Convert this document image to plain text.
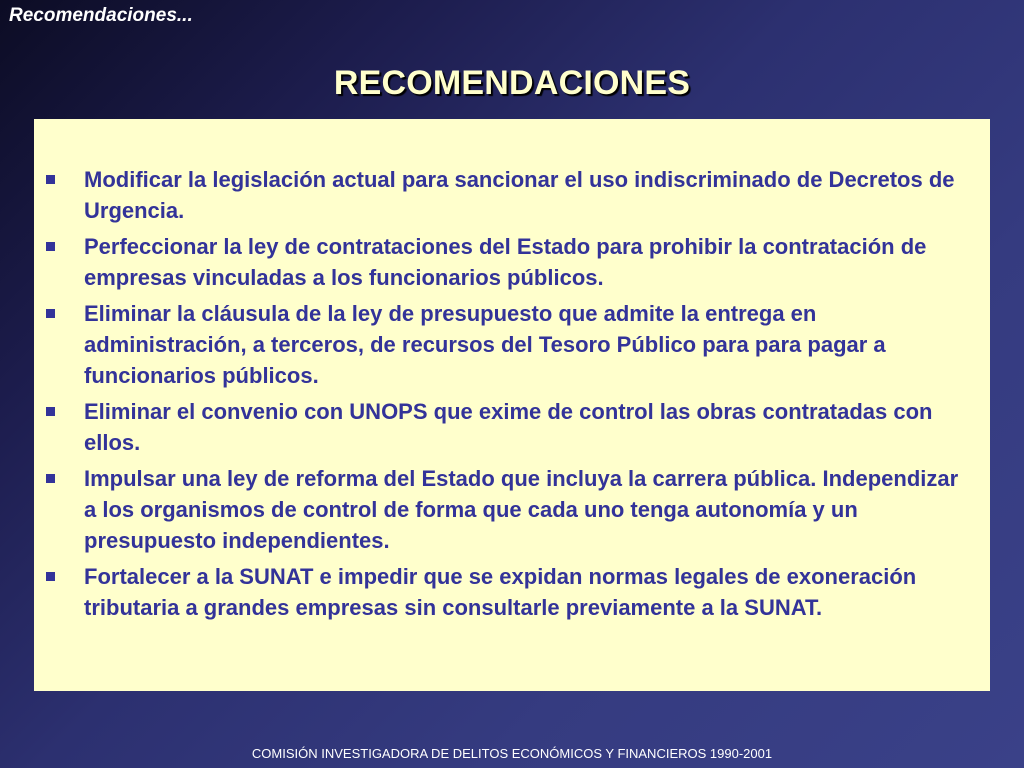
Recomendaciones...
RECOMENDACIONES
Modificar la legislación actual para sancionar el uso indiscriminado de Decretos de Urgencia.
Perfeccionar la ley de contrataciones del Estado para prohibir la contratación de empresas vinculadas a los funcionarios públicos.
Eliminar la cláusula de la ley de presupuesto que admite la entrega en administración, a terceros, de recursos del Tesoro Público para para pagar a funcionarios públicos.
Eliminar el convenio con UNOPS que exime de control las obras contratadas con ellos.
Impulsar una ley de reforma del Estado que incluya la carrera pública. Independizar a los organismos de control de forma que cada uno tenga autonomía y un presupuesto independientes.
Fortalecer a la SUNAT e impedir que se expidan normas legales de exoneración tributaria a grandes empresas sin consultarle previamente a la SUNAT.
COMISIÓN INVESTIGADORA DE DELITOS ECONÓMICOS Y FINANCIEROS 1990-2001
